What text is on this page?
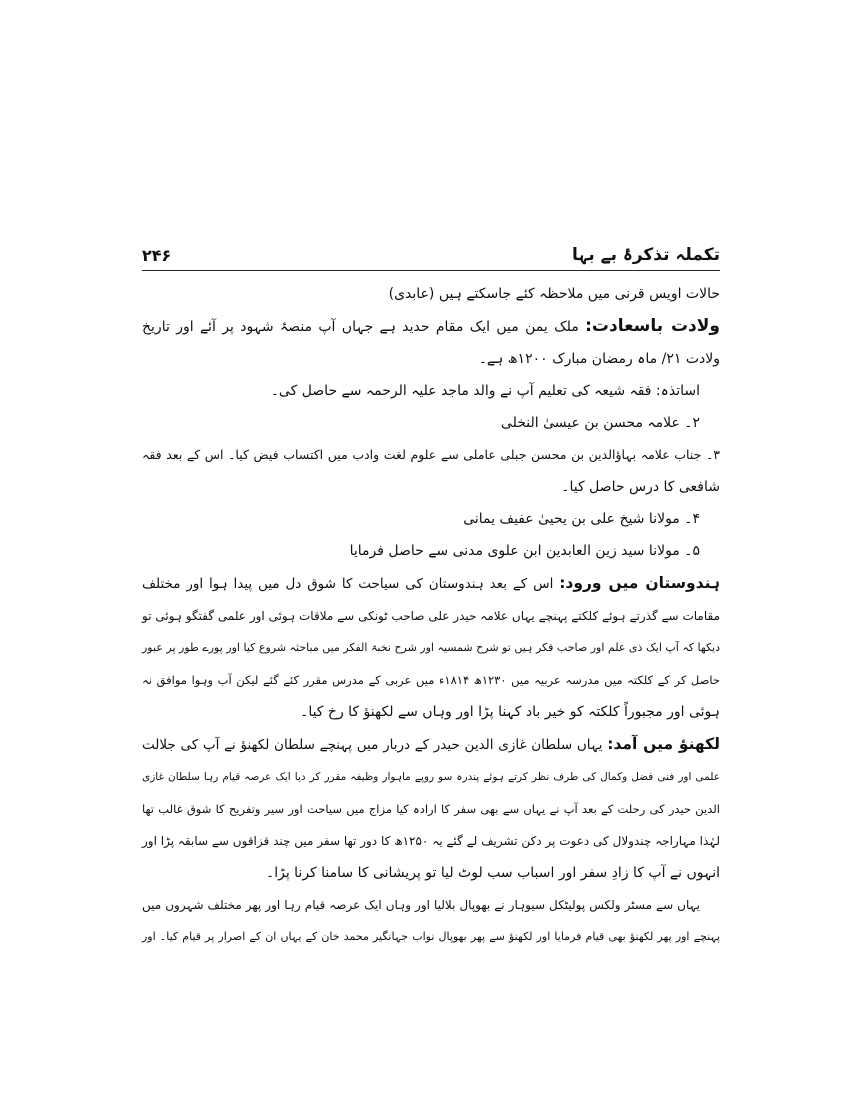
تکملہ تذکرۂ بے بہا
۲۴۶
حالات اویس قرنی میں ملاحظہ کئے جاسکتے ہیں (عابدی)
ولادت باسعادت: ملک یمن میں ایک مقام حدید ہے جہاں آپ منصۂ شہود پر آئے اور تاریخ
ولادت ۲۱/ ماہ رمضان مبارک ۱۲۰۰ھ ہے۔
اساتذہ: فقہ شیعہ کی تعلیم آپ نے والد ماجد علیہ الرحمہ سے حاصل کی۔
۲۔ علامہ محسن بن عیسیٰ النخلی
۳۔ جناب علامہ بہاؤالدین بن محسن جبلی عاملی سے علوم لغت وادب میں اکتساب فیض کیا۔ اس کے بعد فقہ
شافعی کا درس حاصل کیا۔
۴۔ مولانا شیخ علی بن یحییٰ عفیف یمانی
۵۔ مولانا سید زین العابدین ابن علوی مدنی سے حاصل فرمایا
ہندوستان میں ورود: اس کے بعد ہندوستان کی سیاحت کا شوق دل میں پیدا ہوا اور مختلف
مقامات سے گذرتے ہوئے کلکتے پہنچے یہاں علامہ حیدر علی صاحب ٹونکی سے ملاقات ہوئی اور علمی گفتگو ہوئی تو
دیکھا کہ آپ ایک ذی علم اور صاحب فکر ہیں تو شرح شمسیہ اور شرح نخبۃ الفکر میں مباحثہ شروع کیا اور پورے طور پر عبور
حاصل کر کے کلکتہ میں مدرسہ عربیہ میں ۱۲۳۰ھ ۱۸۱۴ء میں عربی کے مدرس مقرر کئے گئے لیکن آب وہوا موافق نہ
ہوئی اور مجبوراً کلکتہ کو خیر باد کہنا پڑا اور وہاں سے لکھنؤ کا رخ کیا۔
لکھنؤ میں آمد: یہاں سلطان غازی الدین حیدر کے دربار میں پہنچے سلطان لکھنؤ نے آپ کی جلالت
علمی اور فنی فضل وکمال کی طرف نظر کرتے ہوئے پندرہ سو روپے ماہوار وظیفہ مقرر کر دیا ایک عرصہ قیام رہا سلطان غازی
الدین حیدر کی رحلت کے بعد آپ نے یہاں سے بھی سفر کا ارادہ کیا مزاج میں سیاحت اور سیر وتفریح کا شوق غالب تھا
لہٰذا مہاراجہ چندولال کی دعوت پر دکن تشریف لے گئے یہ ۱۲۵۰ھ کا دور تھا سفر میں چند قزاقوں سے سابقہ پڑا اور
انہوں نے آپ کا زادِ سفر اور اسباب سب لوٹ لیا تو پریشانی کا سامنا کرنا پڑا۔
یہاں سے مسٹر ولکس پولیٹکل سیوہار نے بھوپال بلالیا اور وہاں ایک عرصہ قیام رہا اور پھر مختلف شہروں میں
پہنچے اور پھر لکھنؤ بھی قیام فرمایا اور لکھنؤ سے پھر بھوپال نواب جہانگیر محمد خان کے یہاں ان کے اصرار پر قیام کیا۔ اور
